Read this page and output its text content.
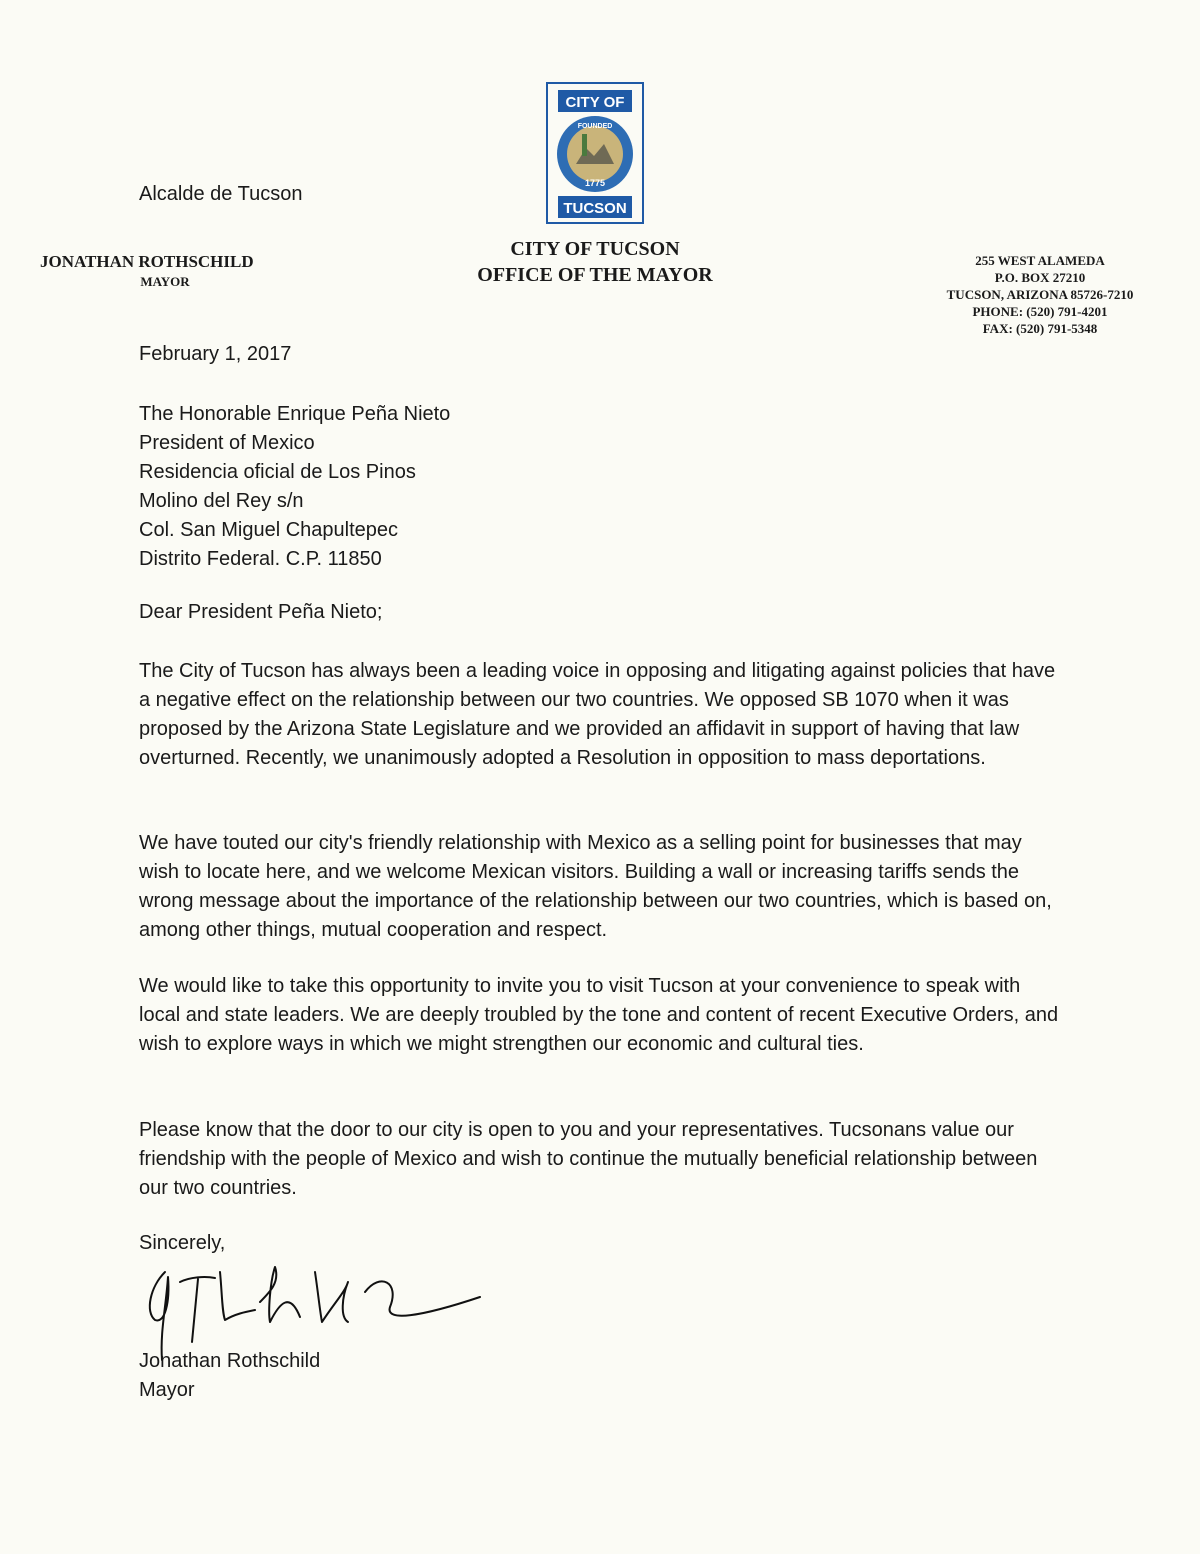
Alcalde de Tucson
JONATHAN ROTHSCHILD
MAYOR
CITY OF
FOUNDED
1775
TUCSON
CITY OF TUCSON
OFFICE OF THE MAYOR
255 WEST ALAMEDA
P.O. BOX 27210
TUCSON, ARIZONA 85726-7210
PHONE: (520) 791-4201
FAX: (520) 791-5348
February 1, 2017
The Honorable Enrique Peña Nieto
President of Mexico
Residencia oficial de Los Pinos
Molino del Rey s/n
Col. San Miguel Chapultepec
Distrito Federal. C.P. 11850
Dear President Peña Nieto;

The City of Tucson has always been a leading voice in opposing and litigating against policies that have a negative effect on the relationship between our two countries. We opposed SB 1070 when it was proposed by the Arizona State Legislature and we provided an affidavit in support of having that law overturned. Recently, we unanimously adopted a Resolution in opposition to mass deportations.

We have touted our city's friendly relationship with Mexico as a selling point for businesses that may wish to locate here, and we welcome Mexican visitors. Building a wall or increasing tariffs sends the wrong message about the importance of the relationship between our two countries, which is based on, among other things, mutual cooperation and respect.

We would like to take this opportunity to invite you to visit Tucson at your convenience to speak with local and state leaders. We are deeply troubled by the tone and content of recent Executive Orders, and wish to explore ways in which we might strengthen our economic and cultural ties.

Please know that the door to our city is open to you and your representatives. Tucsonans value our friendship with the people of Mexico and wish to continue the mutually beneficial relationship between our two countries.

Sincerely,
Jonathan Rothschild
Mayor
